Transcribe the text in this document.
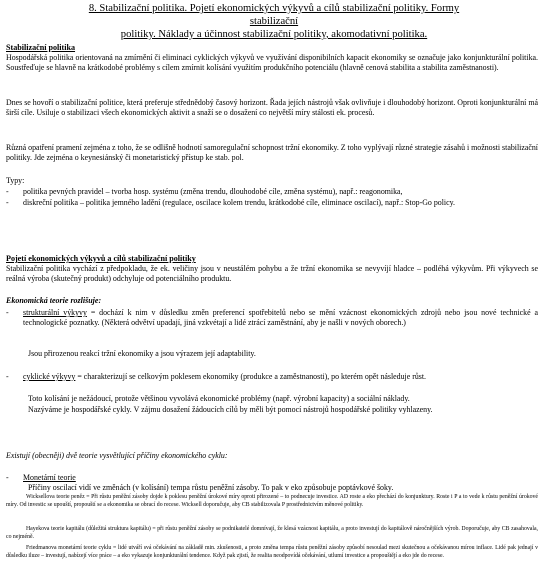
8. Stabilizační politika. Pojetí ekonomických výkyvů a cílů stabilizační politiky. Formy stabilizační
politiky. Náklady a účinnost stabilizační politiky, akomodativní politika.
Stabilizační politika
Hospodářská politika orientovaná na zmírnění či eliminaci cyklických výkyvů ve využívání disponibilních kapacit ekonomiky se označuje jako konjunkturální politika. Soustřeďuje se hlavně na krátkodobé problémy s cílem zmírnit kolísání využitím produkčního potenciálu (hlavně cenová stabilita a stabilita zaměstnanosti).
Dnes se hovoří o stabilizační politice, která preferuje střednědobý časový horizont. Řada jejích nástrojů však ovlivňuje i dlouhodobý horizont. Oproti konjunkturální má širší cíle. Usiluje o stabilizaci všech ekonomických aktivit a snaží se o dosažení co největší míry stálosti ek. procesů.
Různá opatření pramení zejména z toho, že se odlišně hodnotí samoregulační schopnost tržní ekonomiky. Z toho vyplývají různé strategie zásahů i možnosti stabilizační politiky. Jde zejména o keynesiánský či monetaristický přístup ke stab. pol.
Typy:
-	politika pevných pravidel – tvorba hosp. systému (změna trendu, dlouhodobé cíle, změna systému), např.: reagonomika,
-	diskreční politika – politika jemného ladění (regulace, oscilace kolem trendu, krátkodobé cíle, eliminace oscilací), např.: Stop-Go policy.
Pojetí ekonomických výkyvů a cílů stabilizační politiky
Stabilizační politika vychází z předpokladu, že ek. veličiny jsou v neustálém pohybu a že tržní ekonomika se nevyvíjí hladce – podléhá výkyvům. Při výkyvech se reálná výroba (skutečný produkt) odchyluje od potenciálního produktu.
Ekonomická teorie rozlišuje:
-	strukturální výkyvy = dochází k nim v důsledku změn preferencí spotřebitelů nebo se mění vzácnost ekonomických zdrojů nebo jsou nové technické a technologické poznatky. (Některá odvětví upadají, jiná vzkvétají a lidé ztrácí zaměstnání, aby je našli v nových oborech.)
Jsou přirozenou reakcí tržní ekonomiky a jsou výrazem její adaptability.
-	cyklické výkyvy = charakterizují se celkovým poklesem ekonomiky (produkce a zaměstnanosti), po kterém opět následuje růst.
Toto kolísání je nežádoucí, protože většinou vyvolává ekonomické problémy (např. výrobní kapacity) a sociální náklady.
Nazýváme je hospodářské cykly. V zájmu dosažení žádoucích cílů by měli být pomocí nástrojů hospodářské politiky vyhlazeny.
Existují (obecněji) dvě teorie vysvětlující příčiny ekonomického cyklu:
-	Monetární teorie
Příčiny oscilací vidí ve změnách (v kolísání) tempa růstu peněžní zásoby. To pak v eko způsobuje poptávkové šoky.
Wicksellova teorie peněz = Při růstu peněžní zásoby dojde k poklesu peněžní úrokové míry oproti přirozené – to podnecuje investice. AD roste a eko přechází do konjunktury. Roste i P a to vede k růstu peněžní úrokové míry. Od investic se upouští, propouští se a ekonomika se obrací do recese. Wicksell doporučuje, aby CB stabilizovala P prostřednictvím měnové politiky.
Hayekova teorie kapitálu (důležitá struktura kapitálu) = při růstu peněžní zásoby se podnikatelé domnívají, že klesá vzácnost kapitálu, a proto investují do kapitálově náročnějších výrob. Doporučuje, aby CB zasahovala, co nejméně.
Friedmanova monetární teorie cyklu = lidé utváří svá očekávání na základě min. zkušenosti, a proto změna tempa růstu peněžní zásoby způsobí nesoulad mezi skutečnou a očekávanou mírou inflace. Lidé pak jednají v důsledku iluze – investují, nabízejí více práce – a eko vykazuje konjunkturální tendence. Když pak zjistí, že realita neodpovídá očekávání, utlumí investice a propouštějí a eko jde do recese.
